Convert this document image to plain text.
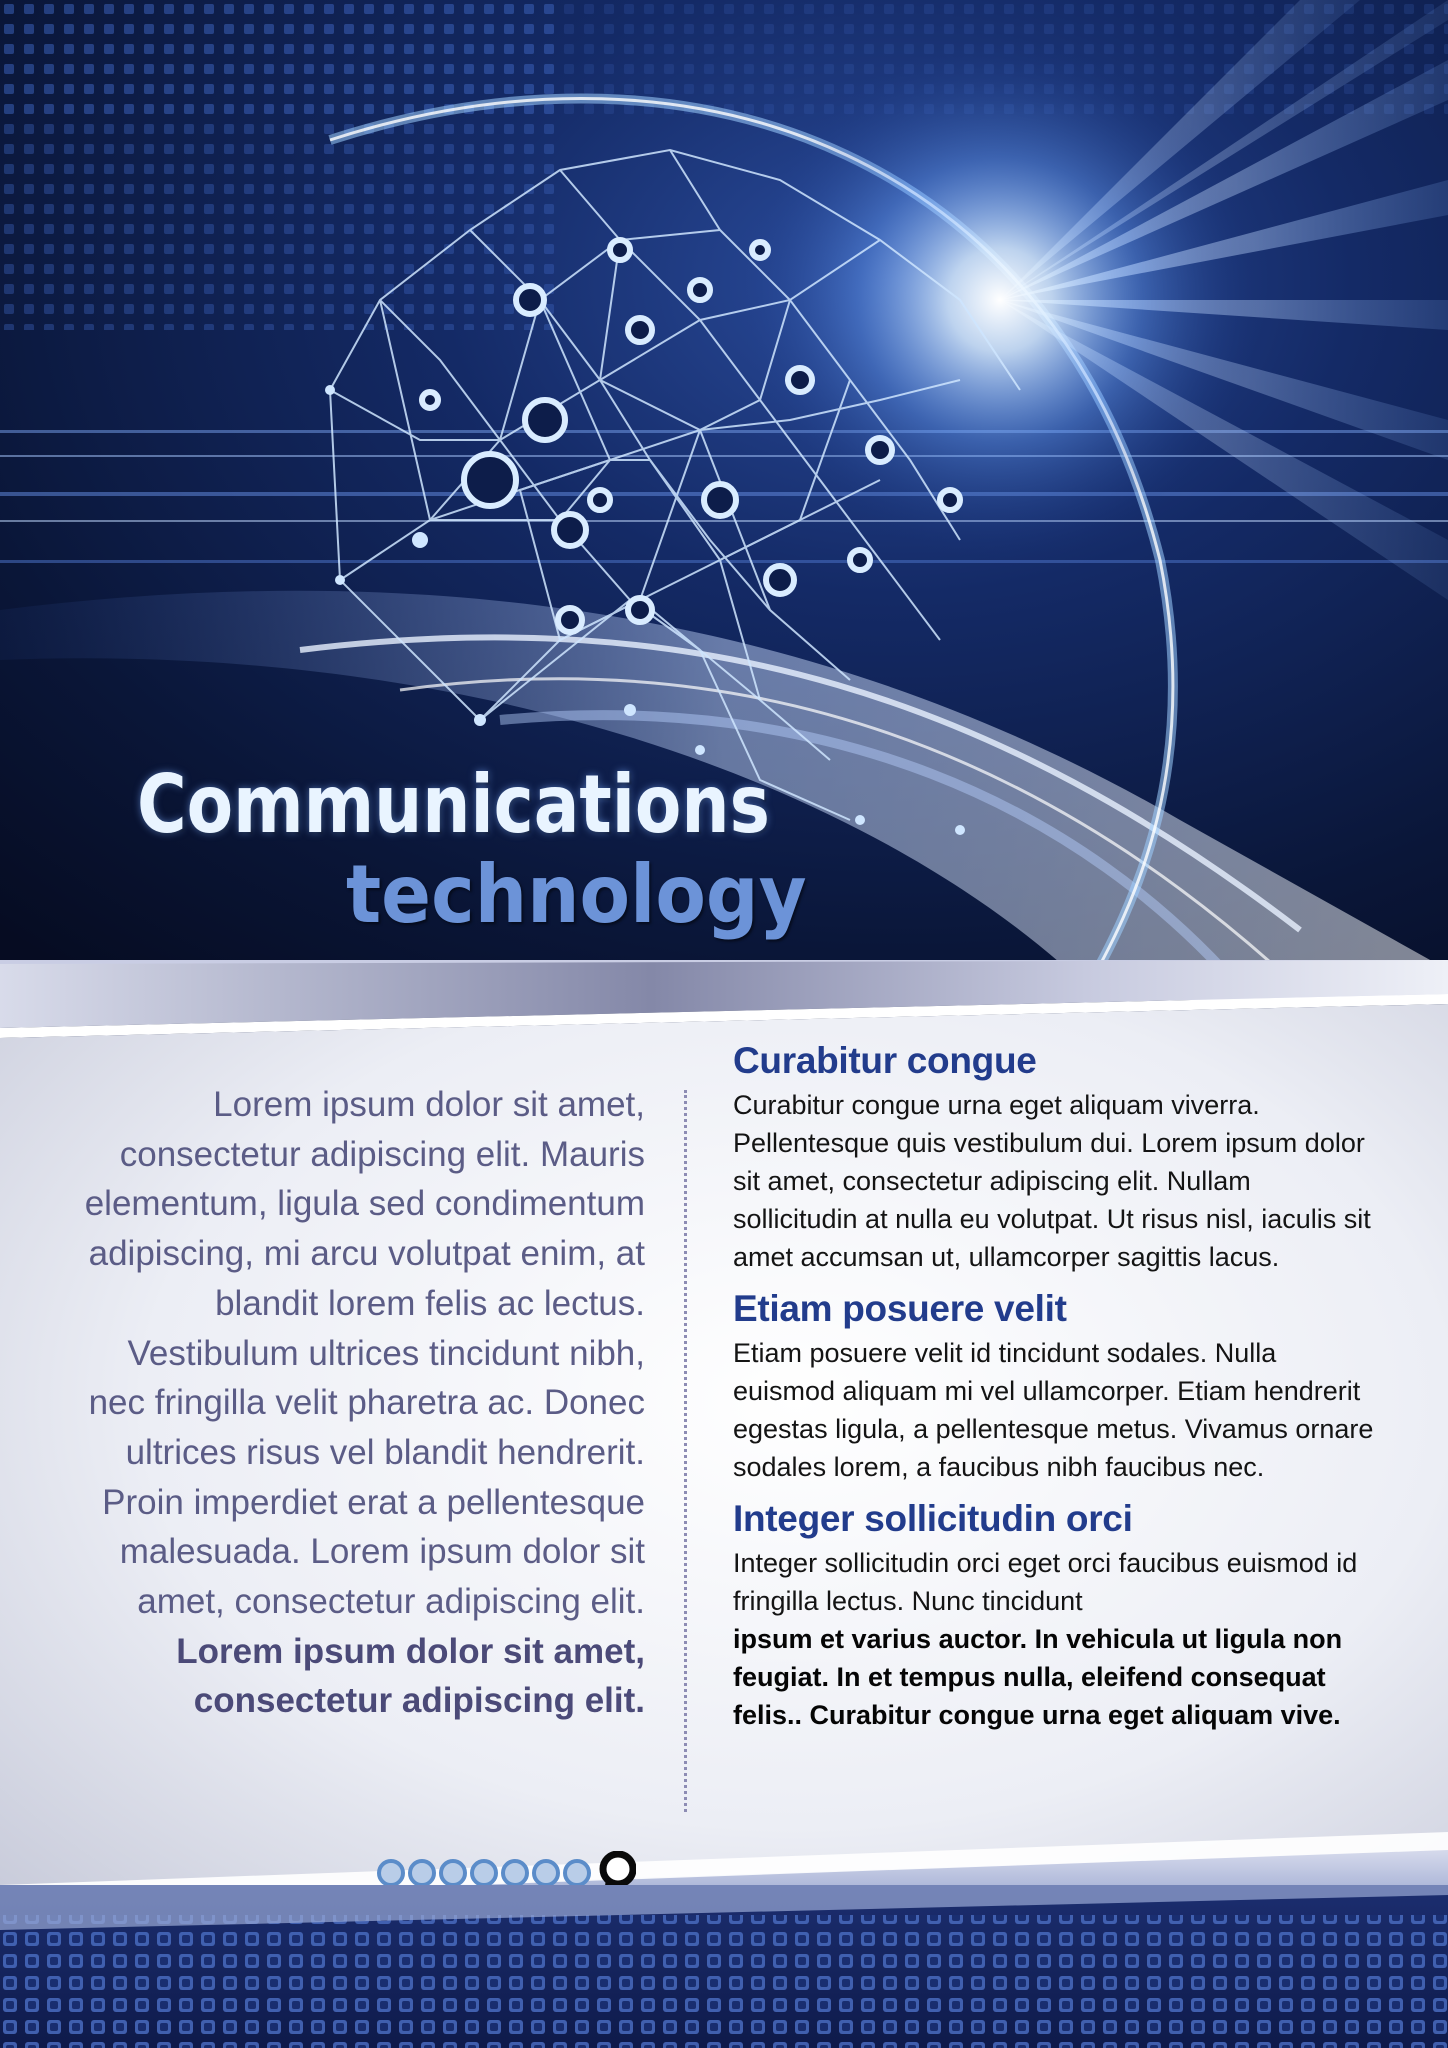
Communications
technology

Lorem ipsum dolor sit amet, consectetur adipiscing elit. Mauris elementum, ligula sed condimentum adipiscing, mi arcu volutpat enim, at blandit lorem felis ac lectus. Vestibulum ultrices tincidunt nibh, nec fringilla velit pharetra ac. Donec ultrices risus vel blandit hendrerit. Proin imperdiet erat a pellentesque malesuada. Lorem ipsum dolor sit amet, consectetur adipiscing elit.

Lorem ipsum dolor sit amet, consectetur adipiscing elit.

Curabitur congue

Curabitur congue urna eget aliquam viverra. Pellentesque quis vestibulum dui. Lorem ipsum dolor sit amet, consectetur adipiscing elit. Nullam sollicitudin at nulla eu volutpat. Ut risus nisl, iaculis sit amet accumsan ut, ullamcorper sagittis lacus.

Etiam posuere velit

Etiam posuere velit id tincidunt sodales. Nulla euismod aliquam mi vel ullamcorper. Etiam hendrerit egestas ligula, a pellentesque metus. Vivamus ornare sodales lorem, a faucibus nibh faucibus nec.

Integer sollicitudin orci

Integer sollicitudin orci eget orci faucibus euismod id fringilla lectus. Nunc tincidunt

ipsum et varius auctor. In vehicula ut ligula non feugiat. In et tempus nulla, eleifend consequat felis.. Curabitur congue urna eget aliquam vive.
